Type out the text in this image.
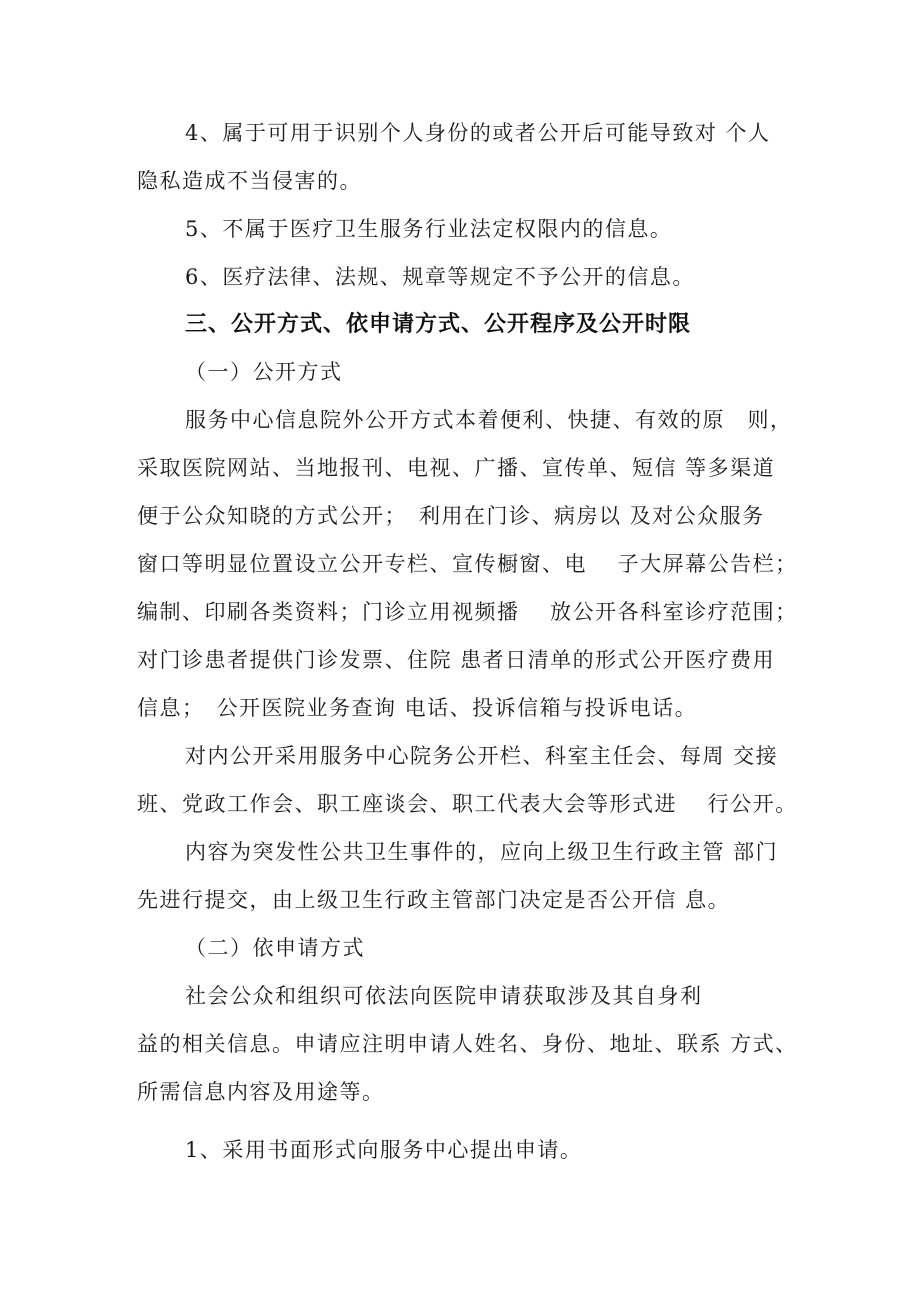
4、属于可用于识别个人身份的或者公开后可能导致对 个人
隐私造成不当侵害的。
5、不属于医疗卫生服务行业法定权限内的信息。
6、医疗法律、法规、规章等规定不予公开的信息。
三、公开方式、依申请方式、公开程序及公开时限
（一）公开方式
服务中心信息院外公开方式本着便利、快捷、有效的原　则，
采取医院网站、当地报刊、电视、广播、宣传单、短信 等多渠道
便于公众知晓的方式公开；　利用在门诊、病房以 及对公众服务
窗口等明显位置设立公开专栏、宣传橱窗、电　 子大屏幕公告栏；
编制、印刷各类资料；门诊立用视频播　 放公开各科室诊疗范围；
对门诊患者提供门诊发票、住院 患者日清单的形式公开医疗费用
信息；　公开医院业务查询 电话、投诉信箱与投诉电话。
对内公开采用服务中心院务公开栏、科室主任会、每周 交接
班、党政工作会、职工座谈会、职工代表大会等形式进　 行公开。
内容为突发性公共卫生事件的，应向上级卫生行政主管 部门
先进行提交，由上级卫生行政主管部门决定是否公开信 息。
（二）依申请方式
社会公众和组织可依法向医院申请获取涉及其自身利
益的相关信息。申请应注明申请人姓名、身份、地址、联系 方式、
所需信息内容及用途等。
1、采用书面形式向服务中心提出申请。
